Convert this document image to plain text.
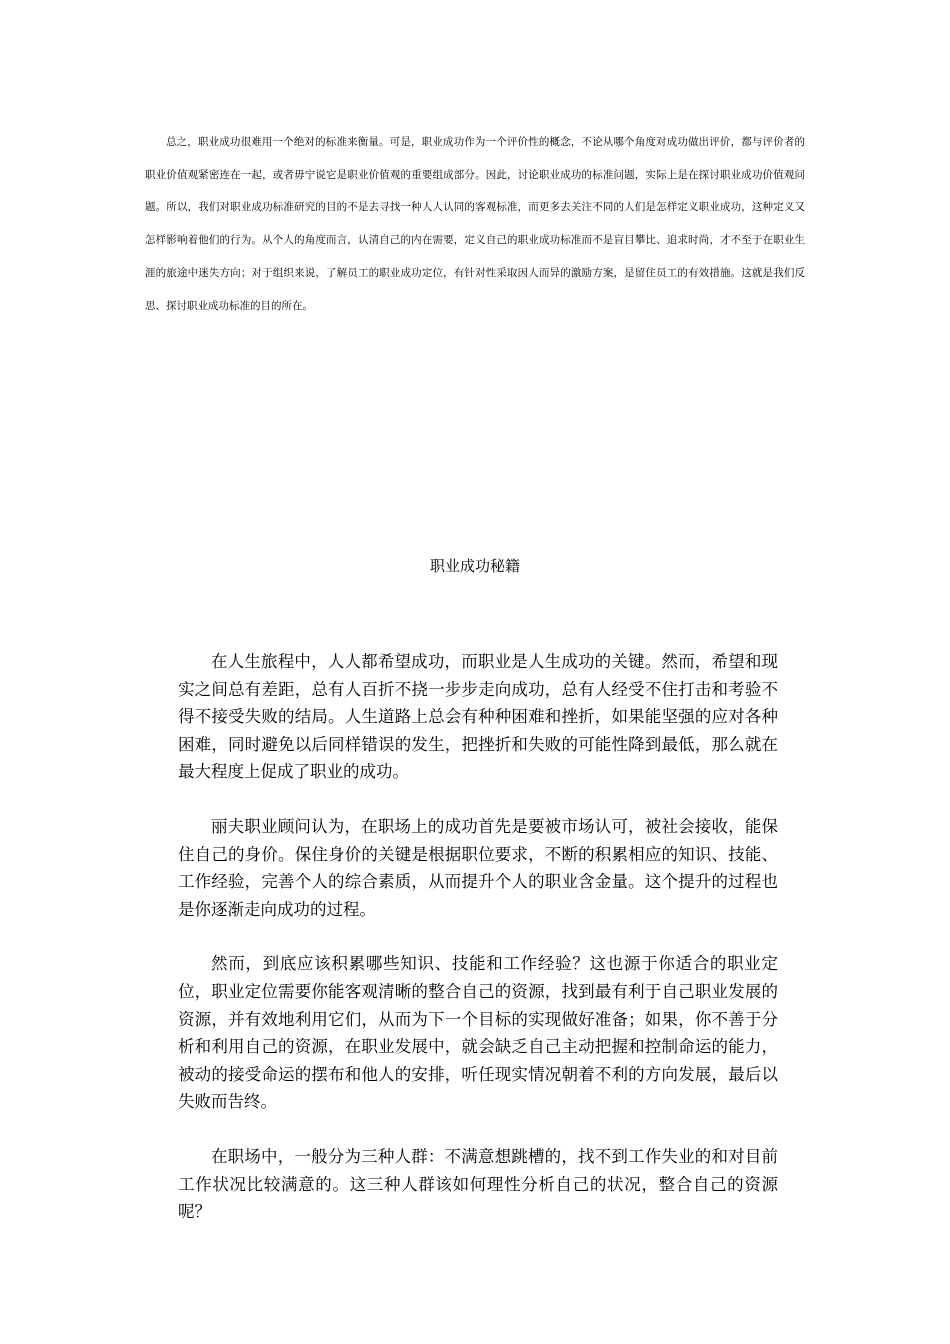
总之，职业成功很难用一个绝对的标准来衡量。可是，职业成功作为一个评价性的概念，不论从哪个角度对成功做出评价，都与评价者的职业价值观紧密连在一起，或者毋宁说它是职业价值观的重要组成部分。因此，讨论职业成功的标准问题，实际上是在探讨职业成功价值观问题。所以，我们对职业成功标准研究的目的不是去寻找一种人人认同的客观标准，而更多去关注不同的人们是怎样定义职业成功，这种定义又怎样影响着他们的行为。从个人的角度而言，认清自己的内在需要，定义自己的职业成功标准而不是盲目攀比、追求时尚，才不至于在职业生涯的旅途中迷失方向；对于组织来说，了解员工的职业成功定位，有针对性采取因人而异的激励方案，是留住员工的有效措施。这就是我们反思、探讨职业成功标准的目的所在。

职业成功秘籍

在人生旅程中，人人都希望成功，而职业是人生成功的关键。然而，希望和现实之间总有差距，总有人百折不挠一步步走向成功，总有人经受不住打击和考验不得不接受失败的结局。人生道路上总会有种种困难和挫折，如果能坚强的应对各种困难，同时避免以后同样错误的发生，把挫折和失败的可能性降到最低，那么就在最大程度上促成了职业的成功。

丽夫职业顾问认为，在职场上的成功首先是要被市场认可，被社会接收，能保住自己的身价。保住身价的关键是根据职位要求，不断的积累相应的知识、技能、工作经验，完善个人的综合素质，从而提升个人的职业含金量。这个提升的过程也是你逐渐走向成功的过程。

然而，到底应该积累哪些知识、技能和工作经验？这也源于你适合的职业定位，职业定位需要你能客观清晰的整合自己的资源，找到最有利于自己职业发展的资源，并有效地利用它们，从而为下一个目标的实现做好准备；如果，你不善于分析和利用自己的资源，在职业发展中，就会缺乏自己主动把握和控制命运的能力，被动的接受命运的摆布和他人的安排，听任现实情况朝着不利的方向发展，最后以失败而告终。

在职场中，一般分为三种人群：不满意想跳槽的，找不到工作失业的和对目前工作状况比较满意的。这三种人群该如何理性分析自己的状况，整合自己的资源呢？
